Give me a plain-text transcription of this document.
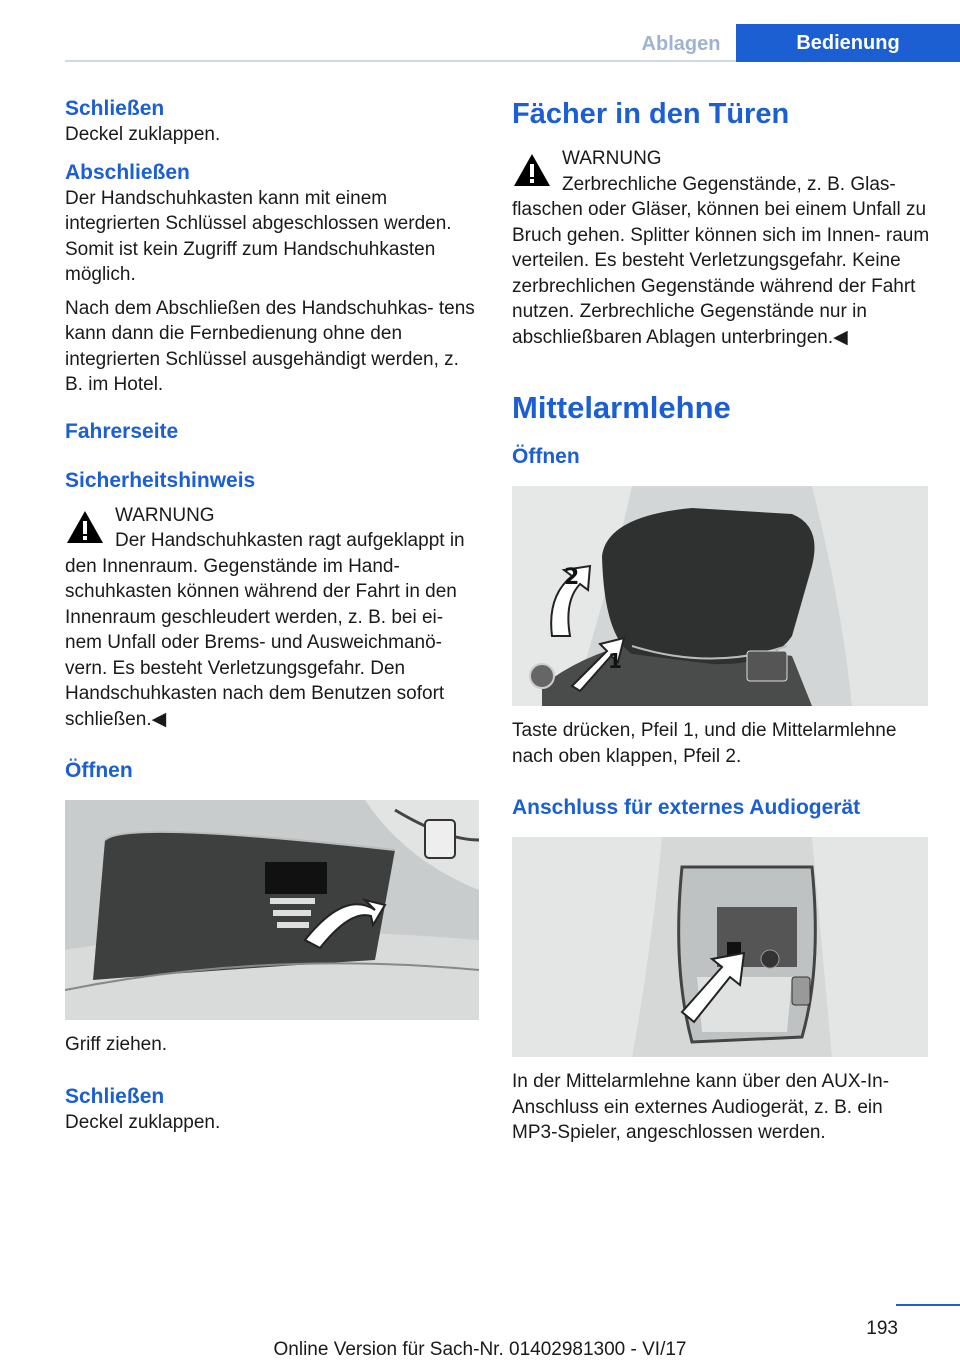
Ablagen	Bedienung
Schließen

Deckel zuklappen.

Abschließen

Der Handschuhkasten kann mit einem integrierten Schlüssel abgeschlossen werden. Somit ist kein Zugriff zum Handschuhkasten möglich.

Nach dem Abschließen des Handschuhkas‐ tens kann dann die Fernbedienung ohne den integrierten Schlüssel ausgehändigt werden, z. B. im Hotel.

Fahrerseite
Sicherheitshinweis
WARNUNG
Der Handschuhkasten ragt aufgeklappt in den Innenraum. Gegenstände im Hand‐ schuhkasten können während der Fahrt in den Innenraum geschleudert werden, z. B. bei ei‐ nem Unfall oder Brems- und Ausweichmanö‐ vern. Es besteht Verletzungsgefahr. Den Handschuhkasten nach dem Benutzen sofort schließen.◀
Öffnen

Griff ziehen.

Schließen

Deckel zuklappen.

Fächer in den Türen
WARNUNG
Zerbrechliche Gegenstände, z. B. Glas‐ flaschen oder Gläser, können bei einem Unfall zu Bruch gehen. Splitter können sich im Innen‐ raum verteilen. Es besteht Verletzungsgefahr. Keine zerbrechlichen Gegenstände während der Fahrt nutzen. Zerbrechliche Gegenstände nur in abschließbaren Ablagen unterbringen.◀
Mittelarmlehne
Öffnen
2
1

Taste drücken, Pfeil 1, und die Mittelarmlehne nach oben klappen, Pfeil 2.

Anschluss für externes Audiogerät

In der Mittelarmlehne kann über den AUX-In- Anschluss ein externes Audiogerät, z. B. ein MP3-Spieler, angeschlossen werden.

193
Online Version für Sach-Nr. 01402981300 - VI/17
